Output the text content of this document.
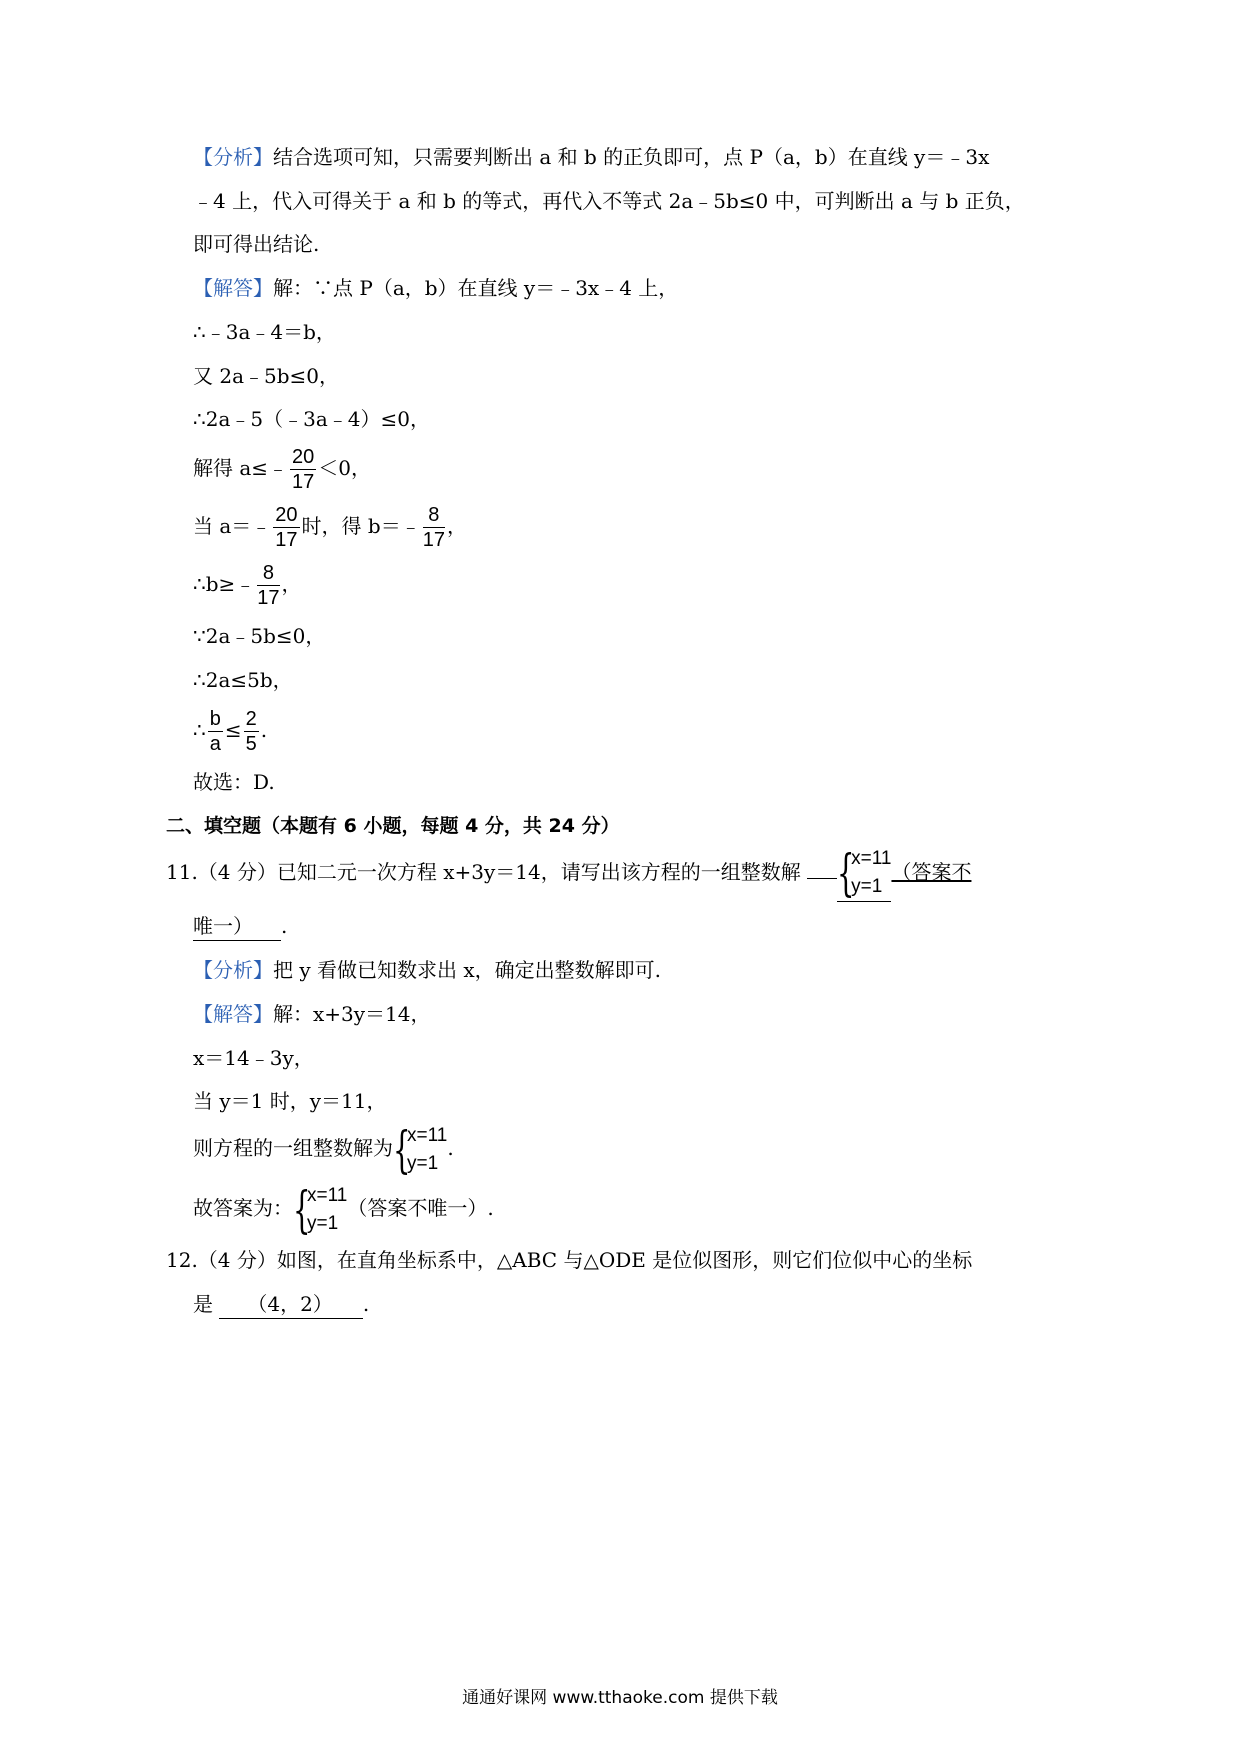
【分析】结合选项可知，只需要判断出 a 和 b 的正负即可，点 P（a，b）在直线 y＝﹣3x
﹣4 上，代入可得关于 a 和 b 的等式，再代入不等式 2a﹣5b≤0 中，可判断出 a 与 b 正负，
即可得出结论.
【解答】解：∵点 P（a，b）在直线 y＝﹣3x﹣4 上，
∴﹣3a﹣4＝b，
又 2a﹣5b≤0，
∴2a﹣5（﹣3a﹣4）≤0，
解得 a≤﹣ $\frac{20}{17} <0$，
当 a＝﹣ $\frac{20}{17}$ 时，得 b＝﹣ $\frac{8}{17}$ ，
∴b≥﹣ $\frac{8}{17}$ ，
∵2a﹣5b≤0，
∴2a≤5b，
∴ $\frac{b}{a} \le \frac{2}{5}$ .
故选：D.
二、填空题（本题有 6 小题，每题 4 分，共 24 分）
11.（4 分）已知二元一次方程 x+3y＝14，请写出该方程的一组整数解 {
x=11
y=1
（答案不
唯一） .
【分析】把 y 看做已知数求出 x，确定出整数解即可.
【解答】解：x+3y＝14，
x＝14﹣3y，
当 y＝1 时，y＝11，
则方程的一组整数解为 {
x=11
y=1
.
故答案为： {
x=11
y=1
（答案不唯一）.
12.（4 分）如图，在直角坐标系中，△ABC 与△ODE 是位似图形，则它们位似中心的坐标
是 （4，2） .
通通好课网 www.tthaoke.com 提供下载
